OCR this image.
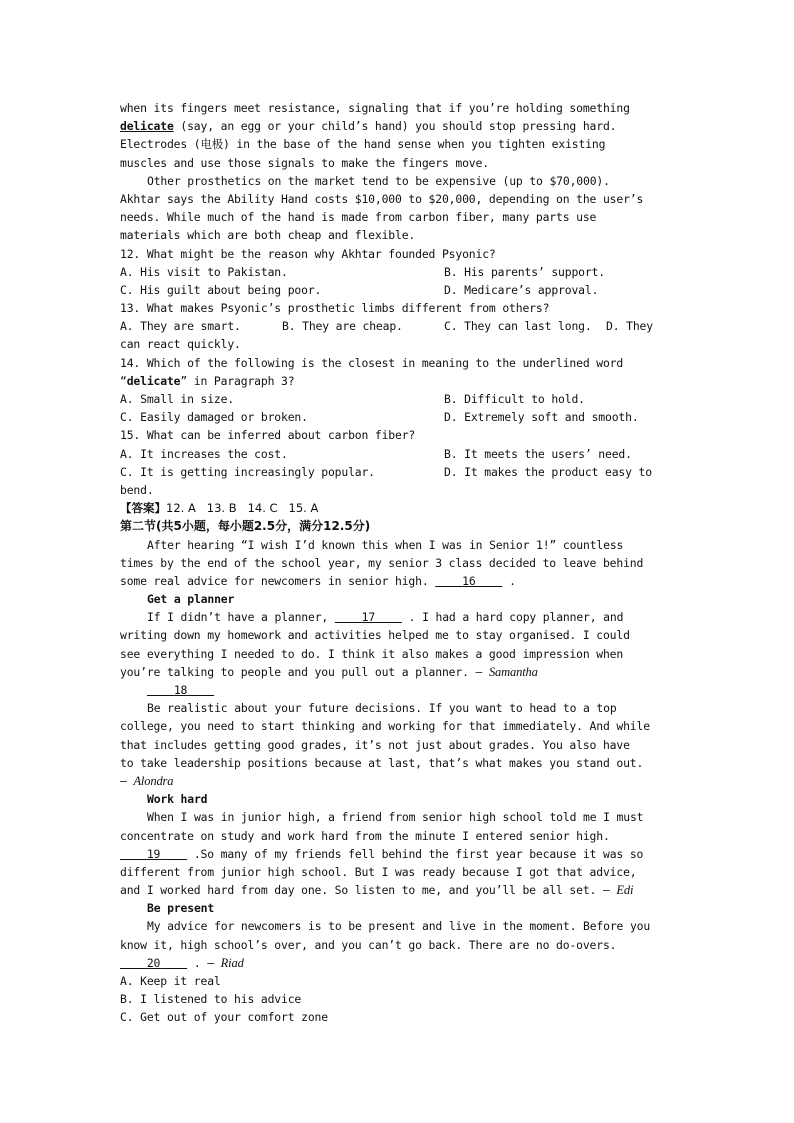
when its fingers meet resistance, signaling that if you’re holding something
delicate (say, an egg or your child’s hand) you should stop pressing hard.
Electrodes (电极) in the base of the hand sense when you tighten existing
muscles and use those signals to make the fingers move.
Other prosthetics on the market tend to be expensive (up to $70,000).
Akhtar says the Ability Hand costs $10,000 to $20,000, depending on the user’s
needs. While much of the hand is made from carbon fiber, many parts use
materials which are both cheap and flexible.
12. What might be the reason why Akhtar founded Psyonic?
A. His visit to Pakistan.	B. His parents’ support.
C. His guilt about being poor.	D. Medicare’s approval.
13. What makes Psyonic’s prosthetic limbs different from others?
A. They are smart.	B. They are cheap.	C. They can last long. D. They
can react quickly.
14. Which of the following is the closest in meaning to the underlined word
“delicate” in Paragraph 3?
A. Small in size.	B. Difficult to hold.
C. Easily damaged or broken.	D. Extremely soft and smooth.
15. What can be inferred about carbon fiber?
A. It increases the cost.	B. It meets the users’ need.
C. It is getting increasingly popular.	D. It makes the product easy to
bend.
【答案】12. A   13. B   14. C   15. A
第二节(共5小题，每小题2.5分，满分12.5分)
After hearing “I wish I’d known this when I was in Senior 1!” countless
times by the end of the school year, my senior 3 class decided to leave behind
some real advice for newcomers in senior high.	16     .
Get a planner
If I didn’t have a planner,	17	. I had a hard copy planner, and
writing down my homework and activities helped me to stay organised. I could
see everything I needed to do. I think it also makes a good impression when
you’re talking to people and you pull out a planner. — Samantha
18
Be realistic about your future decisions. If you want to head to a top
college, you need to start thinking and working for that immediately. And while
that includes getting good grades, it’s not just about grades. You also have
to take leadership positions because at last, that’s what makes you stand out.
— Alondra
Work hard
When I was in junior high, a friend from senior high school told me I must
concentrate on study and work hard from the minute I entered senior high.
19	.So many of my friends fell behind the first year because it was so
different from junior high school. But I was ready because I got that advice,
and I worked hard from day one. So listen to me, and you’ll be all set. — Edi
Be present
My advice for newcomers is to be present and live in the moment. Before you
know it, high school’s over, and you can’t go back. There are no do-overs.
20	. — Riad
A. Keep it real
B. I listened to his advice
C. Get out of your comfort zone
